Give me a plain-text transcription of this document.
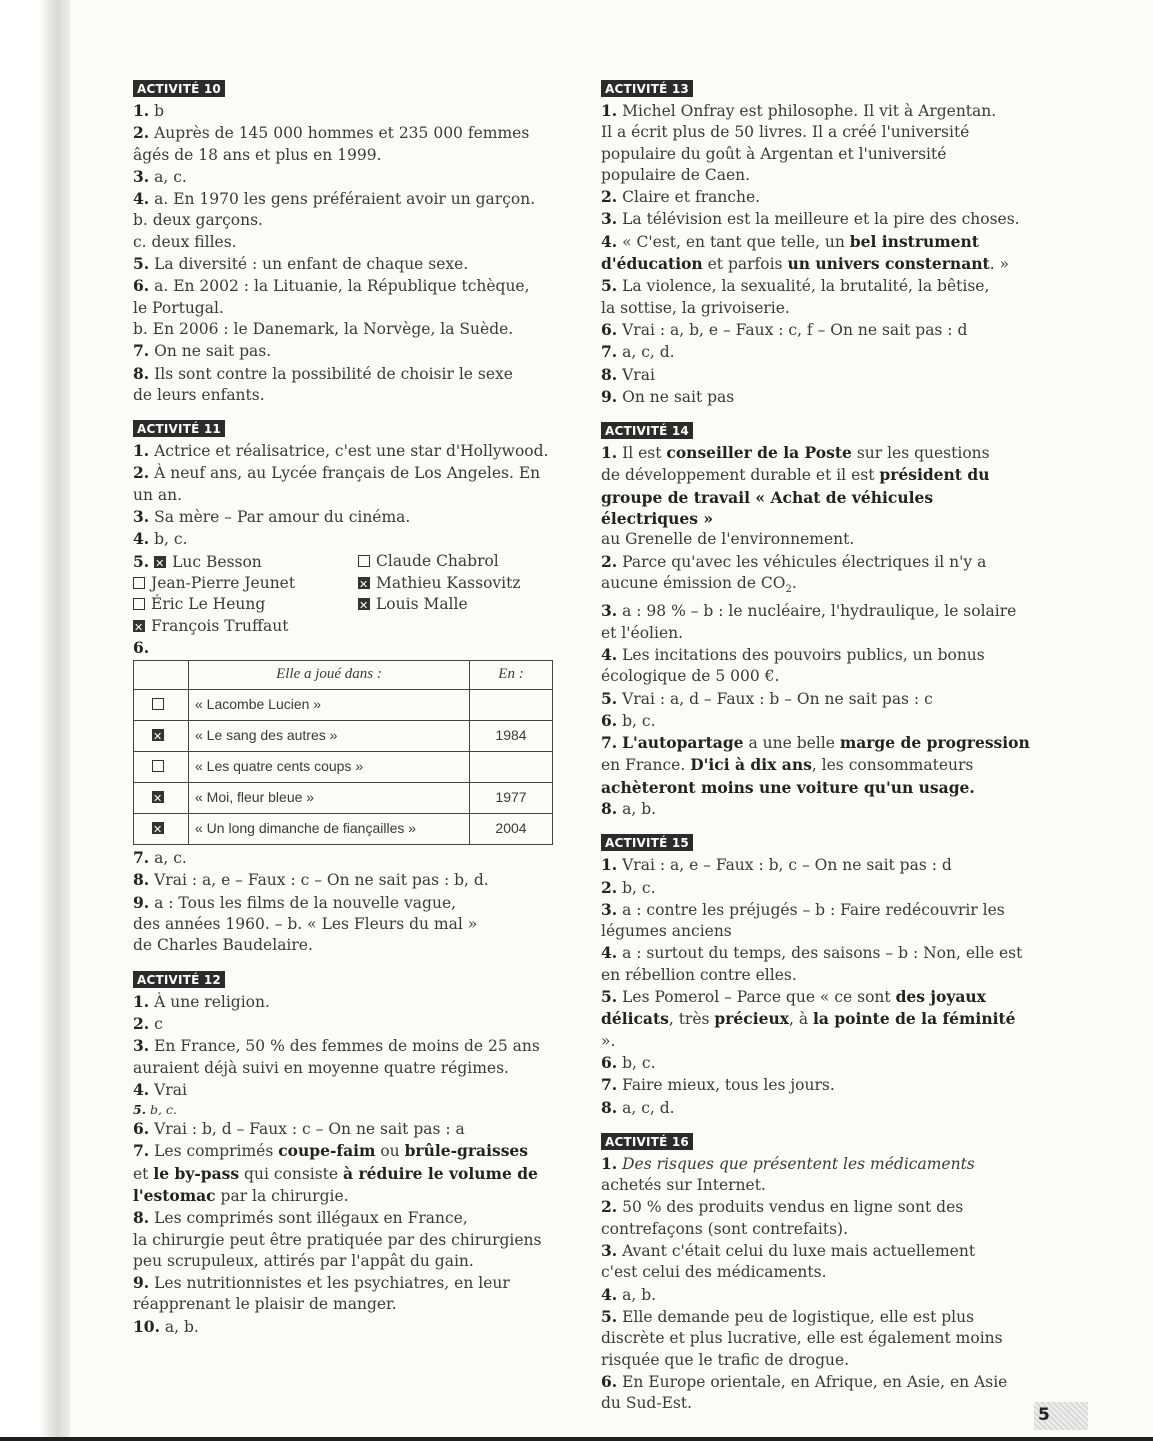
ACTIVITÉ 10
1. b
2. Auprès de 145 000 hommes et 235 000 femmes
âgés de 18 ans et plus en 1999.
3. a, c.
4. a. En 1970 les gens préféraient avoir un garçon.
b. deux garçons.
c. deux filles.
5. La diversité : un enfant de chaque sexe.
6. a. En 2002 : la Lituanie, la République tchèque,
le Portugal.
b. En 2006 : le Danemark, la Norvège, la Suède.
7. On ne sait pas.
8. Ils sont contre la possibilité de choisir le sexe
de leurs enfants.
ACTIVITÉ 11
1. Actrice et réalisatrice, c'est une star d'Hollywood.
2. À neuf ans, au Lycée français de Los Angeles. En
un an.
3. Sa mère – Par amour du cinéma.
4. b, c.
5. ✕ Luc Besson	Claude Chabrol
Jean-Pierre Jeunet ✕	Mathieu Kassovitz
Éric Le Heung ✕	Louis Malle
✕François Truffaut
6.
	Elle a joué dans :	En :
	« Lacombe Lucien »	
✕	« Le sang des autres »	1984
	« Les quatre cents coups »	
✕	« Moi, fleur bleue »	1977
✕	« Un long dimanche de fiançailles »	2004
7. a, c.
8. Vrai : a, e – Faux : c – On ne sait pas : b, d.
9. a : Tous les films de la nouvelle vague,
des années 1960. – b. « Les Fleurs du mal »
de Charles Baudelaire.
ACTIVITÉ 12
1. À une religion.
2. c
3. En France, 50 % des femmes de moins de 25 ans
auraient déjà suivi en moyenne quatre régimes.
4. Vrai
5. b, c.
6. Vrai : b, d – Faux : c – On ne sait pas : a
7. Les comprimés coupe-faim ou brûle-graisses
et le by-pass qui consiste à réduire le volume de
l'estomac par la chirurgie.
8. Les comprimés sont illégaux en France,
la chirurgie peut être pratiquée par des chirurgiens
peu scrupuleux, attirés par l'appât du gain.
9. Les nutritionnistes et les psychiatres, en leur
réapprenant le plaisir de manger.
10. a, b.
ACTIVITÉ 13
1. Michel Onfray est philosophe. Il vit à Argentan.
Il a écrit plus de 50 livres. Il a créé l'université
populaire du goût à Argentan et l'université
populaire de Caen.
2. Claire et franche.
3. La télévision est la meilleure et la pire des choses.
4. « C'est, en tant que telle, un bel instrument
d'éducation et parfois un univers consternant. »
5. La violence, la sexualité, la brutalité, la bêtise,
la sottise, la grivoiserie.
6. Vrai : a, b, e – Faux : c, f – On ne sait pas : d
7. a, c, d.
8. Vrai
9. On ne sait pas
ACTIVITÉ 14
1. Il est conseiller de la Poste sur les questions
de développement durable et il est président du
groupe de travail « Achat de véhicules électriques »
au Grenelle de l'environnement.
2. Parce qu'avec les véhicules électriques il n'y a
aucune émission de $CO_2$.
3. a : 98 % – b : le nucléaire, l'hydraulique, le solaire
et l'éolien.
4. Les incitations des pouvoirs publics, un bonus
écologique de 5 000 €.
5. Vrai : a, d – Faux : b – On ne sait pas : c
6. b, c.
7. L'autopartage a une belle marge de progression
en France. D'ici à dix ans, les consommateurs
achèteront moins une voiture qu'un usage.
8. a, b.
ACTIVITÉ 15
1. Vrai : a, e – Faux : b, c – On ne sait pas : d
2. b, c.
3. a : contre les préjugés – b : Faire redécouvrir les
légumes anciens
4. a : surtout du temps, des saisons – b : Non, elle est
en rébellion contre elles.
5. Les Pomerol – Parce que « ce sont des joyaux
délicats, très précieux, à la pointe de la féminité ».
6. b, c.
7. Faire mieux, tous les jours.
8. a, c, d.
ACTIVITÉ 16
1. Des risques que présentent les médicaments
achetés sur Internet.
2. 50 % des produits vendus en ligne sont des
contrefaçons (sont contrefaits).
3. Avant c'était celui du luxe mais actuellement
c'est celui des médicaments.
4. a, b.
5. Elle demande peu de logistique, elle est plus
discrète et plus lucrative, elle est également moins
risquée que le trafic de drogue.
6. En Europe orientale, en Afrique, en Asie, en Asie
du Sud-Est.
5
